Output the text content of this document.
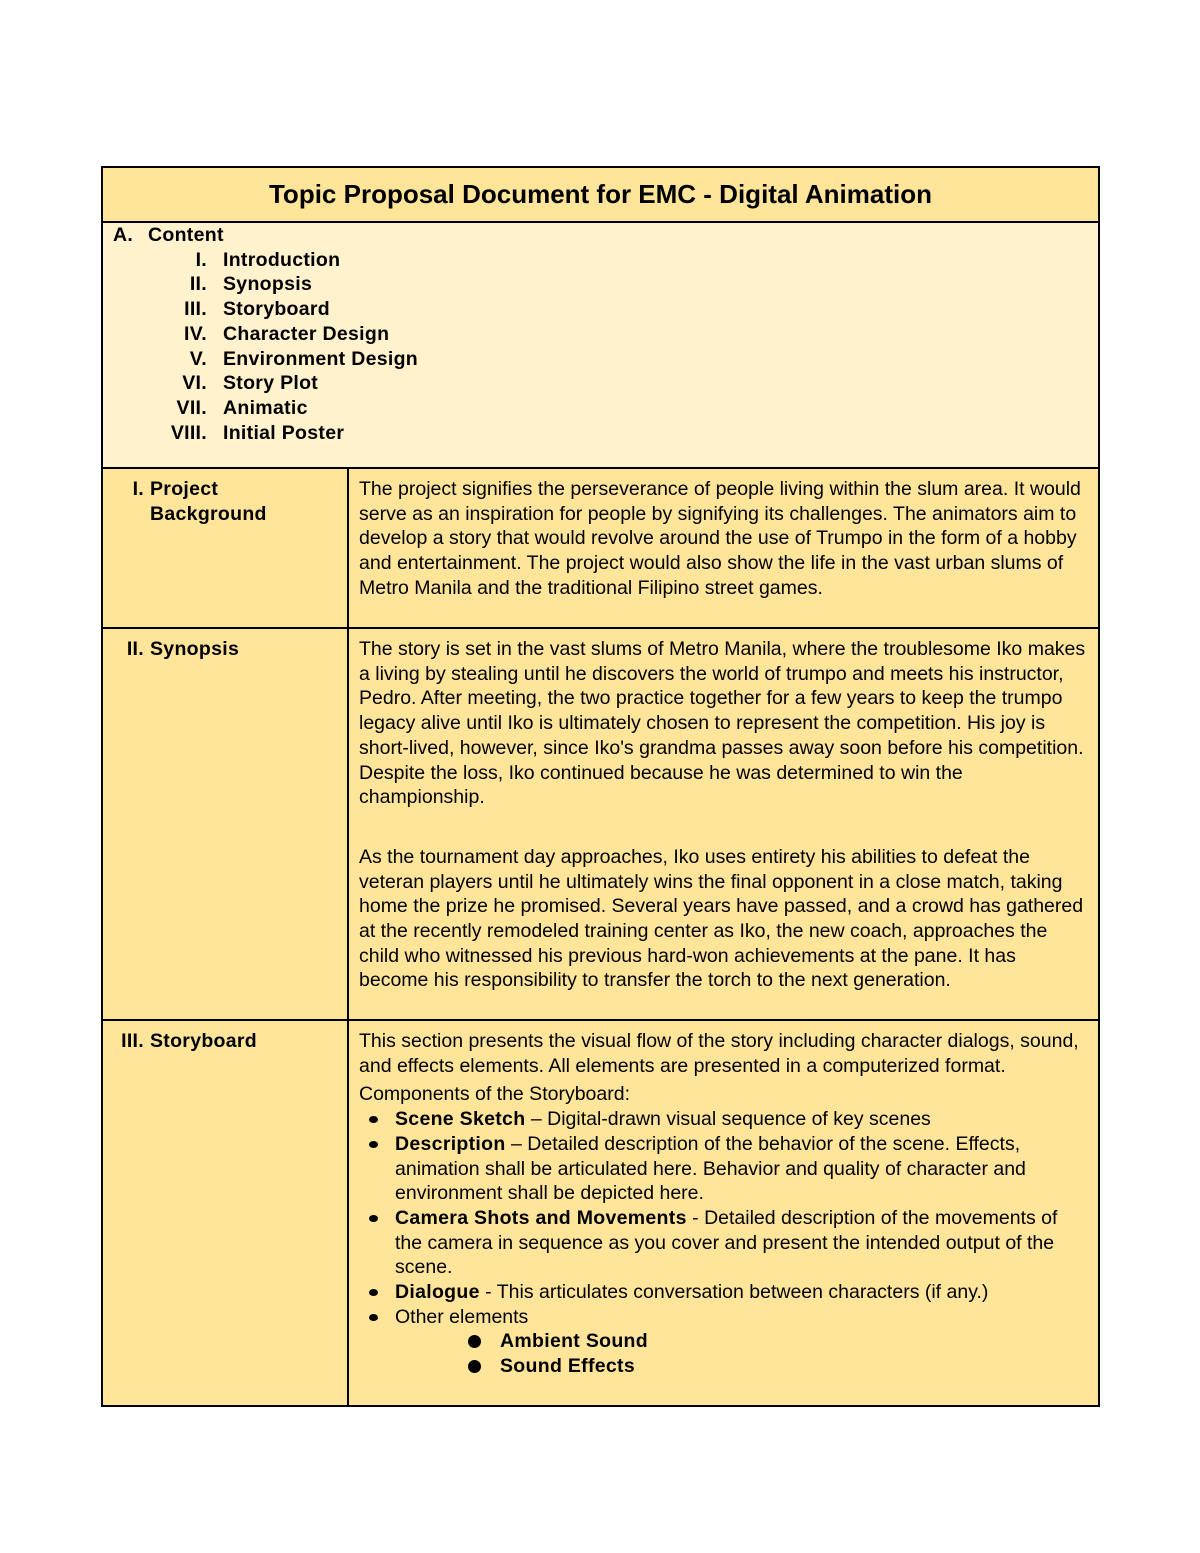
Topic Proposal Document for EMC - Digital Animation
A. Content
I. Introduction
II. Synopsis
III. Storyboard
IV. Character Design
V. Environment Design
VI. Story Plot
VII. Animatic
VIII. Initial Poster
I. Project
Background

The project signifies the perseverance of people living within the slum area. It would serve as an inspiration for people by signifying its challenges. The animators aim to develop a story that would revolve around the use of Trumpo in the form of a hobby and entertainment. The project would also show the life in the vast urban slums of Metro Manila and the traditional Filipino street games.

II. Synopsis	The story is set in the vast slums of Metro Manila, where the troublesome Iko makes a living by stealing until he discovers the world of trumpo and meets his instructor, Pedro. After meeting, the two practice together for a few years to keep the trumpo legacy alive until Iko is ultimately chosen to represent the competition. His joy is short-lived, however, since Iko's grandma passes away soon before his competition. Despite the loss, Iko continued because he was determined to win the championship.

As the tournament day approaches, Iko uses entirety his abilities to defeat the veteran players until he ultimately wins the final opponent in a close match, taking home the prize he promised. Several years have passed, and a crowd has gathered at the recently remodeled training center as Iko, the new coach, approaches the child who witnessed his previous hard-won achievements at the pane. It has become his responsibility to transfer the torch to the next generation.

III. Storyboard	This section presents the visual flow of the story including character dialogs, sound, and effects elements. All elements are presented in a computerized format.

Components of the Storyboard:

Scene Sketch – Digital-drawn visual sequence of key scenes
Description – Detailed description of the behavior of the scene. Effects, animation shall be articulated here. Behavior and quality of character and environment shall be depicted here.
Camera Shots and Movements - Detailed description of the movements of the camera in sequence as you cover and present the intended output of the scene.
Dialogue - This articulates conversation between characters (if any.)
Other elements
Ambient Sound
Sound Effects
